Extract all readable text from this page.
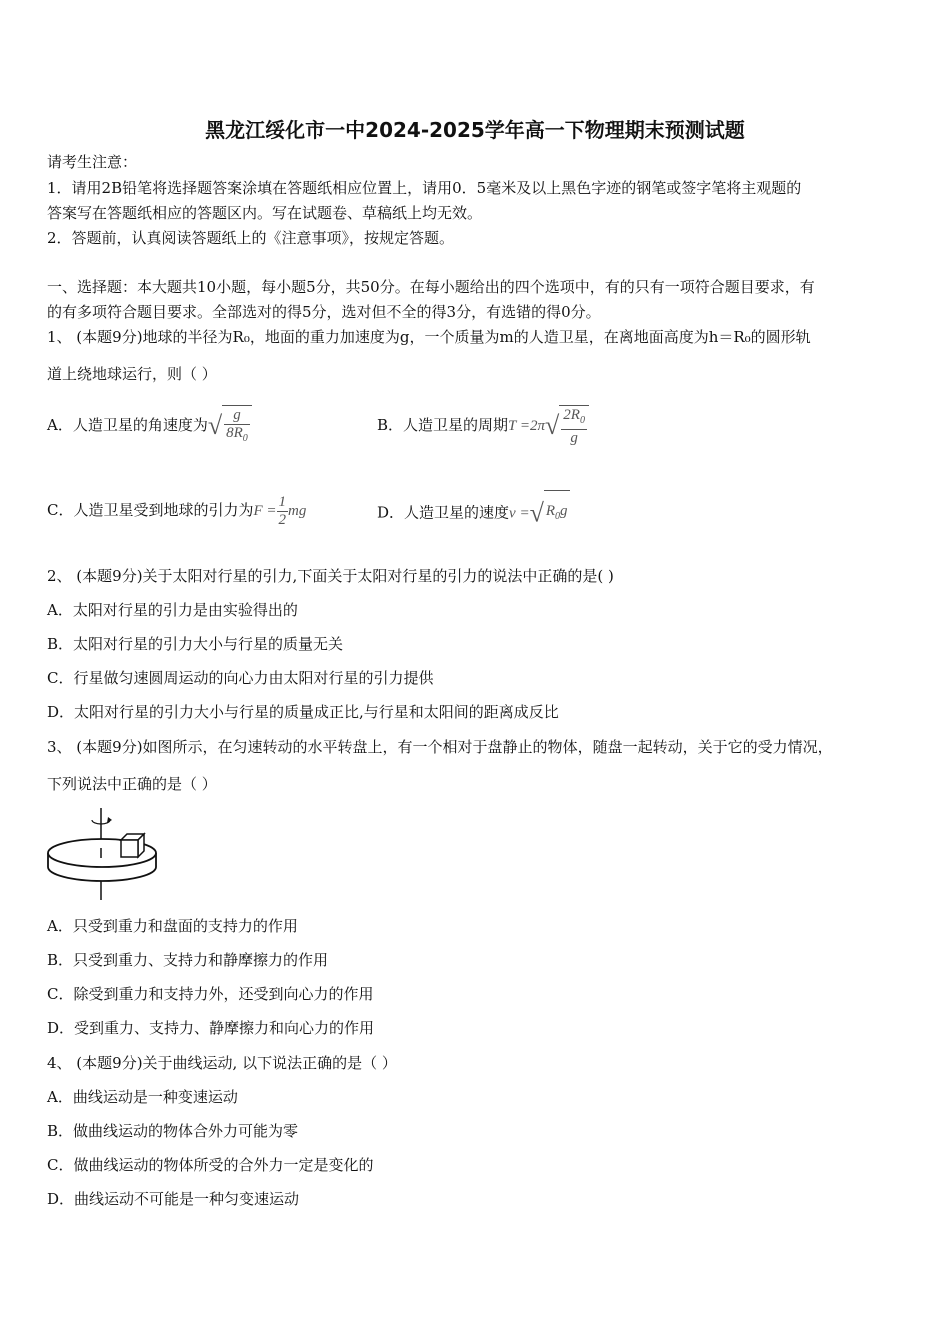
黑龙江绥化市一中2024-2025学年高一下物理期末预测试题
请考生注意：
1．请用2B铅笔将选择题答案涂填在答题纸相应位置上，请用0．5毫米及以上黑色字迹的钢笔或签字笔将主观题的
答案写在答题纸相应的答题区内。写在试题卷、草稿纸上均无效。
2．答题前，认真阅读答题纸上的《注意事项》，按规定答题。
一、选择题：本大题共10小题，每小题5分，共50分。在每小题给出的四个选项中，有的只有一项符合题目要求，有
的有多项符合题目要求。全部选对的得5分，选对但不全的得3分，有选错的得0分。
1、 (本题9分)地球的半径为R₀，地面的重力加速度为g，一个质量为m的人造卫星，在离地面高度为h＝R₀的圆形轨
道上绕地球运行，则（ ）
A．人造卫星的角速度为√ $\frac{g}{8R_0}$	B．人造卫星的周期$T =2\pi√ \frac{2R_0}{g}$
C．人造卫星受到地球的引力为$F = \frac{1}{2}$ mg	D．人造卫星的速度v =√ $R_0g$
2、 (本题9分)关于太阳对行星的引力,下面关于太阳对行星的引力的说法中正确的是( )
A．太阳对行星的引力是由实验得出的
B．太阳对行星的引力大小与行星的质量无关
C．行星做匀速圆周运动的向心力由太阳对行星的引力提供
D．太阳对行星的引力大小与行星的质量成正比,与行星和太阳间的距离成反比
3、 (本题9分)如图所示，在匀速转动的水平转盘上，有一个相对于盘静止的物体，随盘一起转动，关于它的受力情况，
下列说法中正确的是（ ）
A．只受到重力和盘面的支持力的作用
B．只受到重力、支持力和静摩擦力的作用
C．除受到重力和支持力外，还受到向心力的作用
D．受到重力、支持力、静摩擦力和向心力的作用
4、 (本题9分)关于曲线运动, 以下说法正确的是（ ）
A．曲线运动是一种变速运动
B．做曲线运动的物体合外力可能为零
C．做曲线运动的物体所受的合外力一定是变化的
D．曲线运动不可能是一种匀变速运动
